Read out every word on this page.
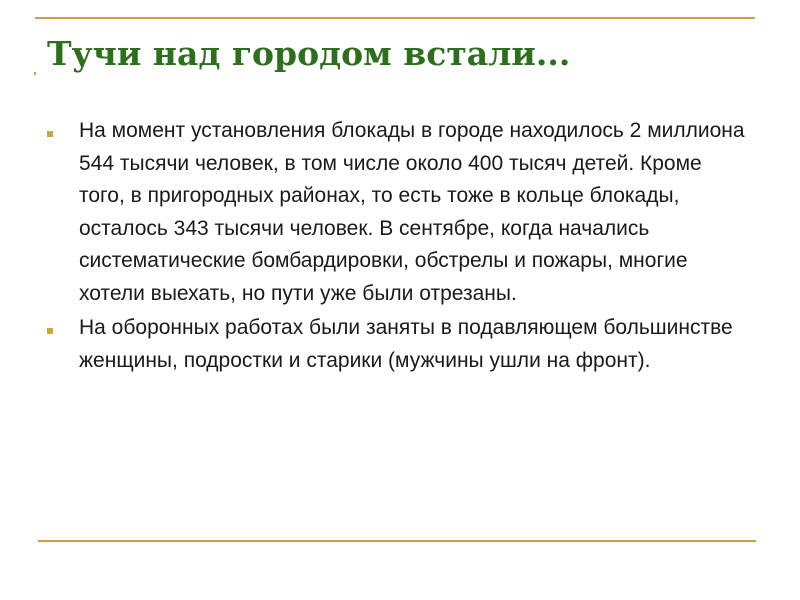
Тучи над городом встали...
На момент установления блокады в городе находилось 2 миллиона 544 тысячи человек, в том числе около 400 тысяч детей. Кроме того, в пригородных районах, то есть тоже в кольце блокады, осталось 343 тысячи человек. В сентябре, когда начались систематические бомбардировки, обстрелы и пожары, многие хотели выехать, но пути уже были отрезаны.
На оборонных работах были заняты в подавляющем большинстве женщины, подростки и старики (мужчины ушли на фронт).
